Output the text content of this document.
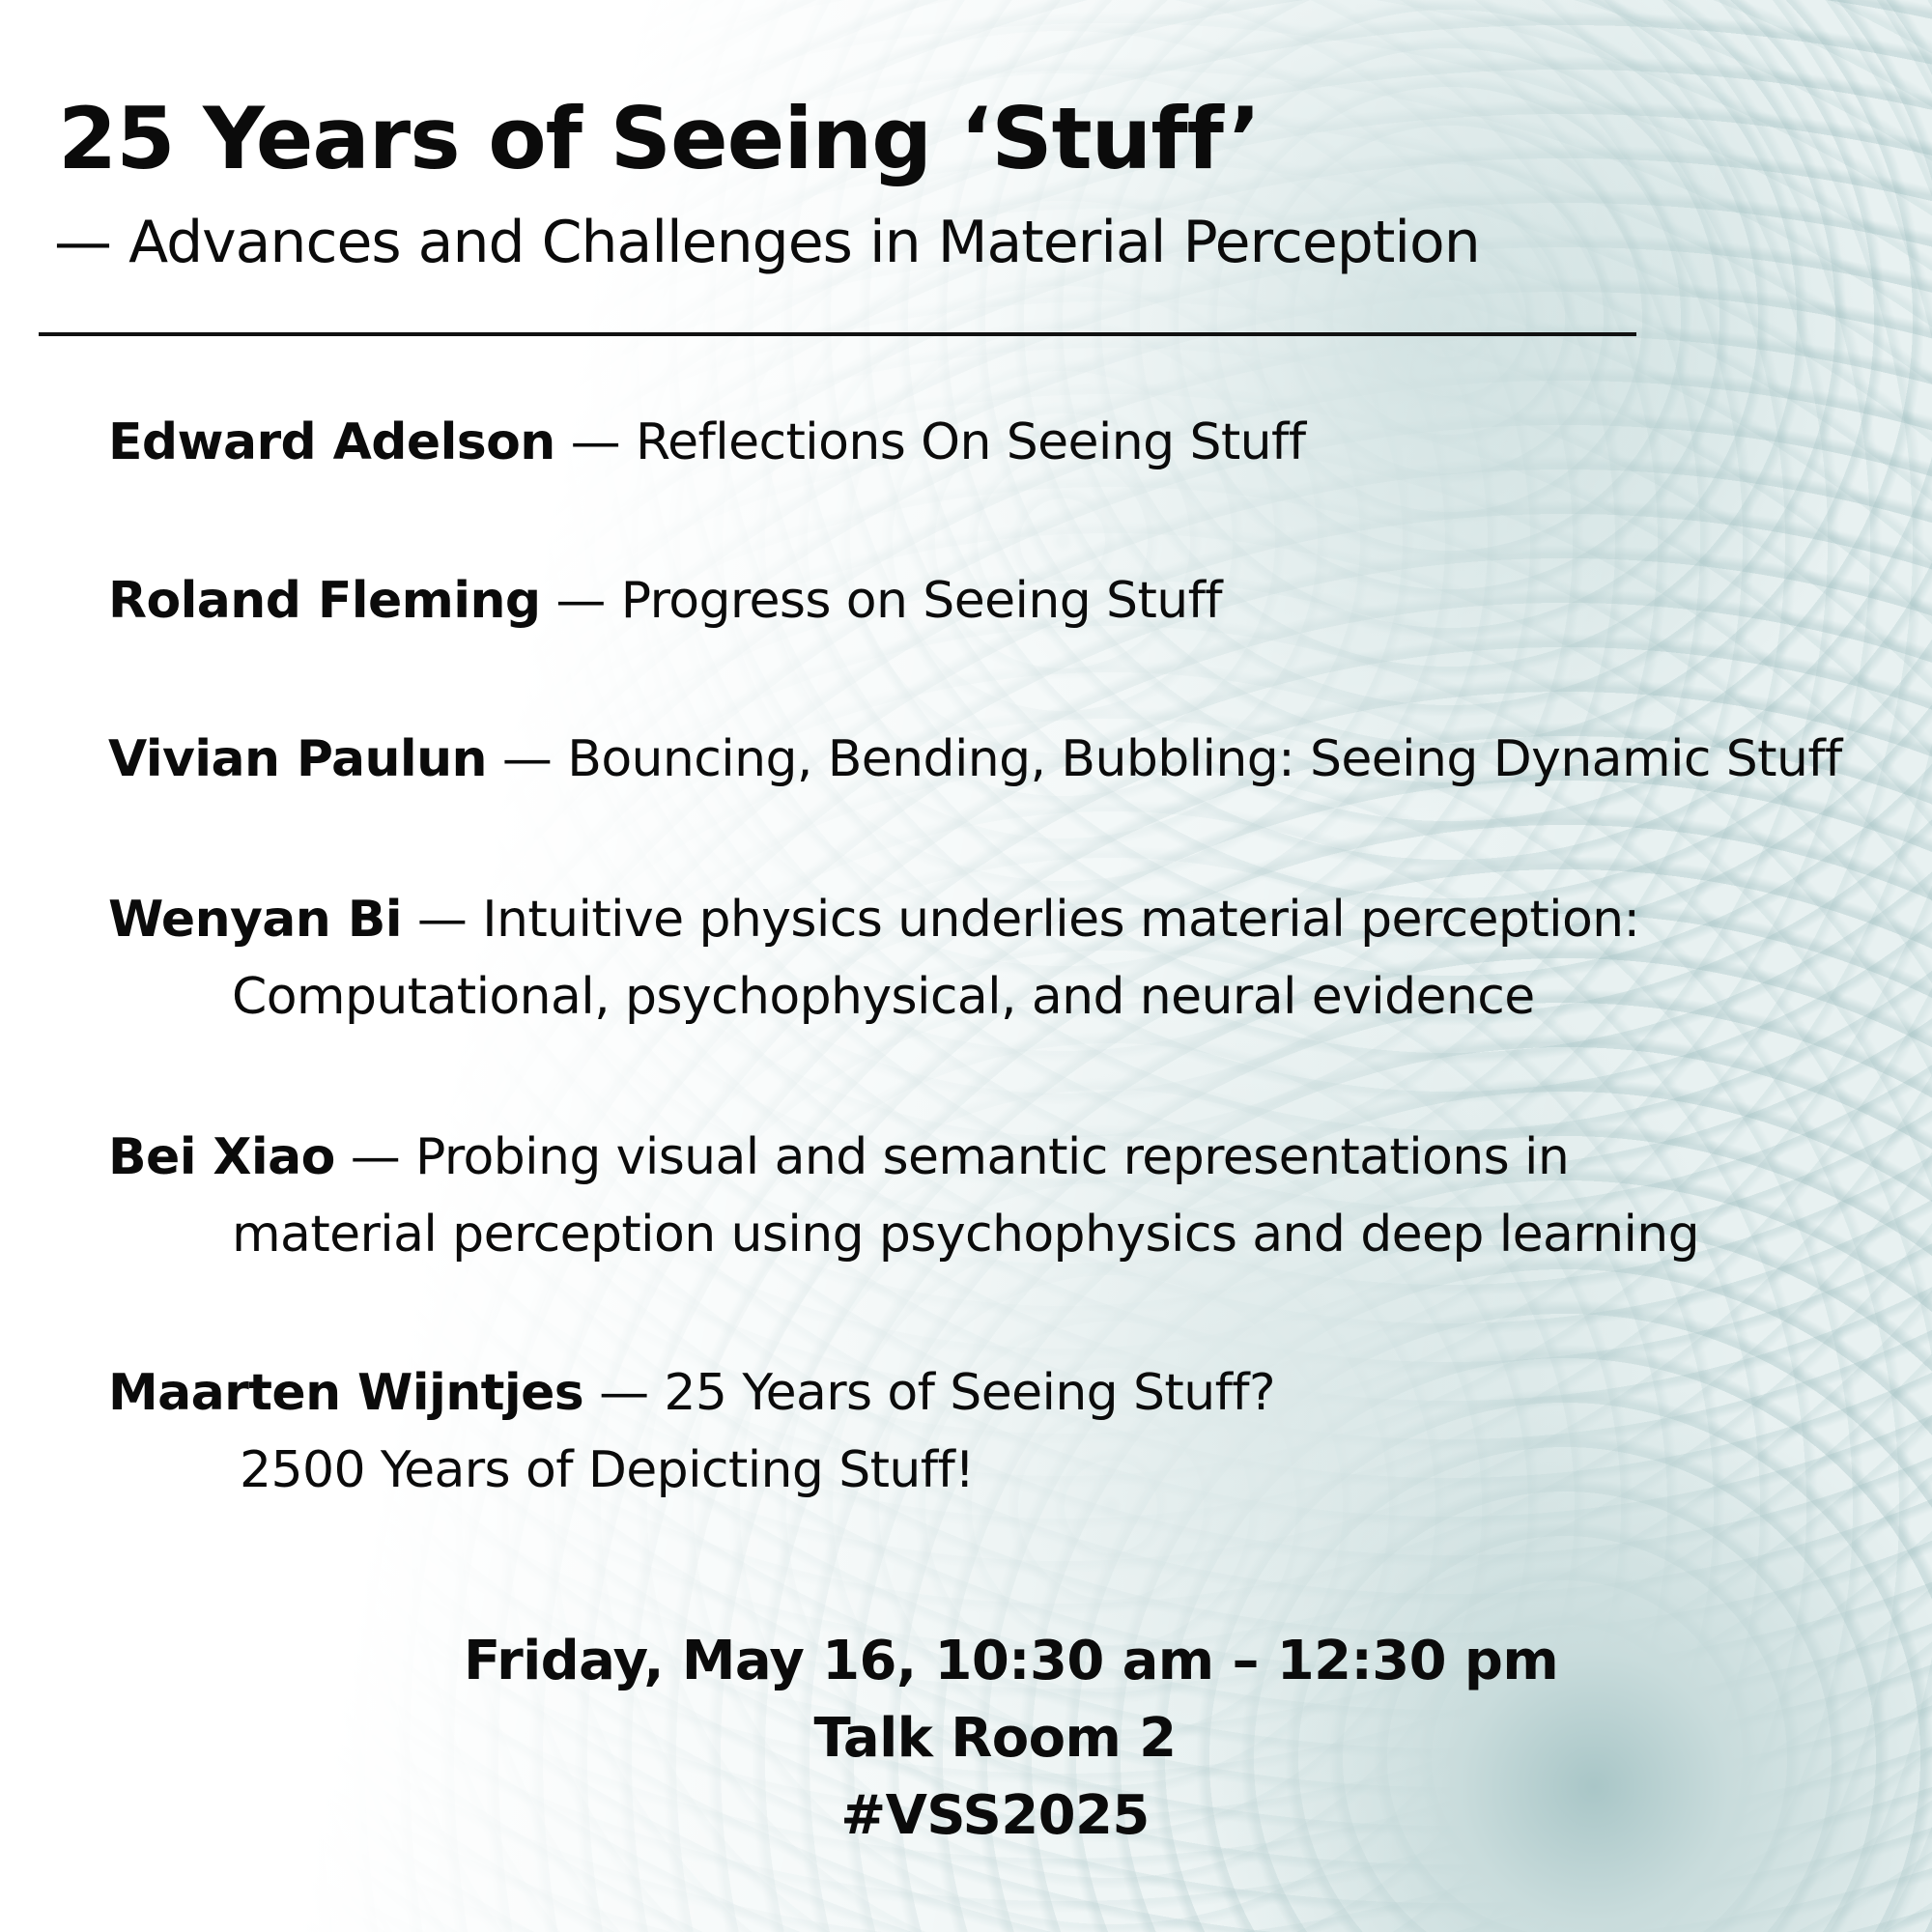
25 Years of Seeing ‘Stuff’
— Advances and Challenges in Material Perception
Edward Adelson — Reflections On Seeing Stuff
Roland Fleming — Progress on Seeing Stuff
Vivian Paulun — Bouncing, Bending, Bubbling: Seeing Dynamic Stuff
Wenyan Bi — Intuitive physics underlies material perception:
Computational, psychophysical, and neural evidence
Bei Xiao — Probing visual and semantic representations in
material perception using psychophysics and deep learning
Maarten Wijntjes — 25 Years of Seeing Stuff?
2500 Years of Depicting Stuff!
Friday, May 16, 10:30 am – 12:30 pm
Talk Room 2
#VSS2025
